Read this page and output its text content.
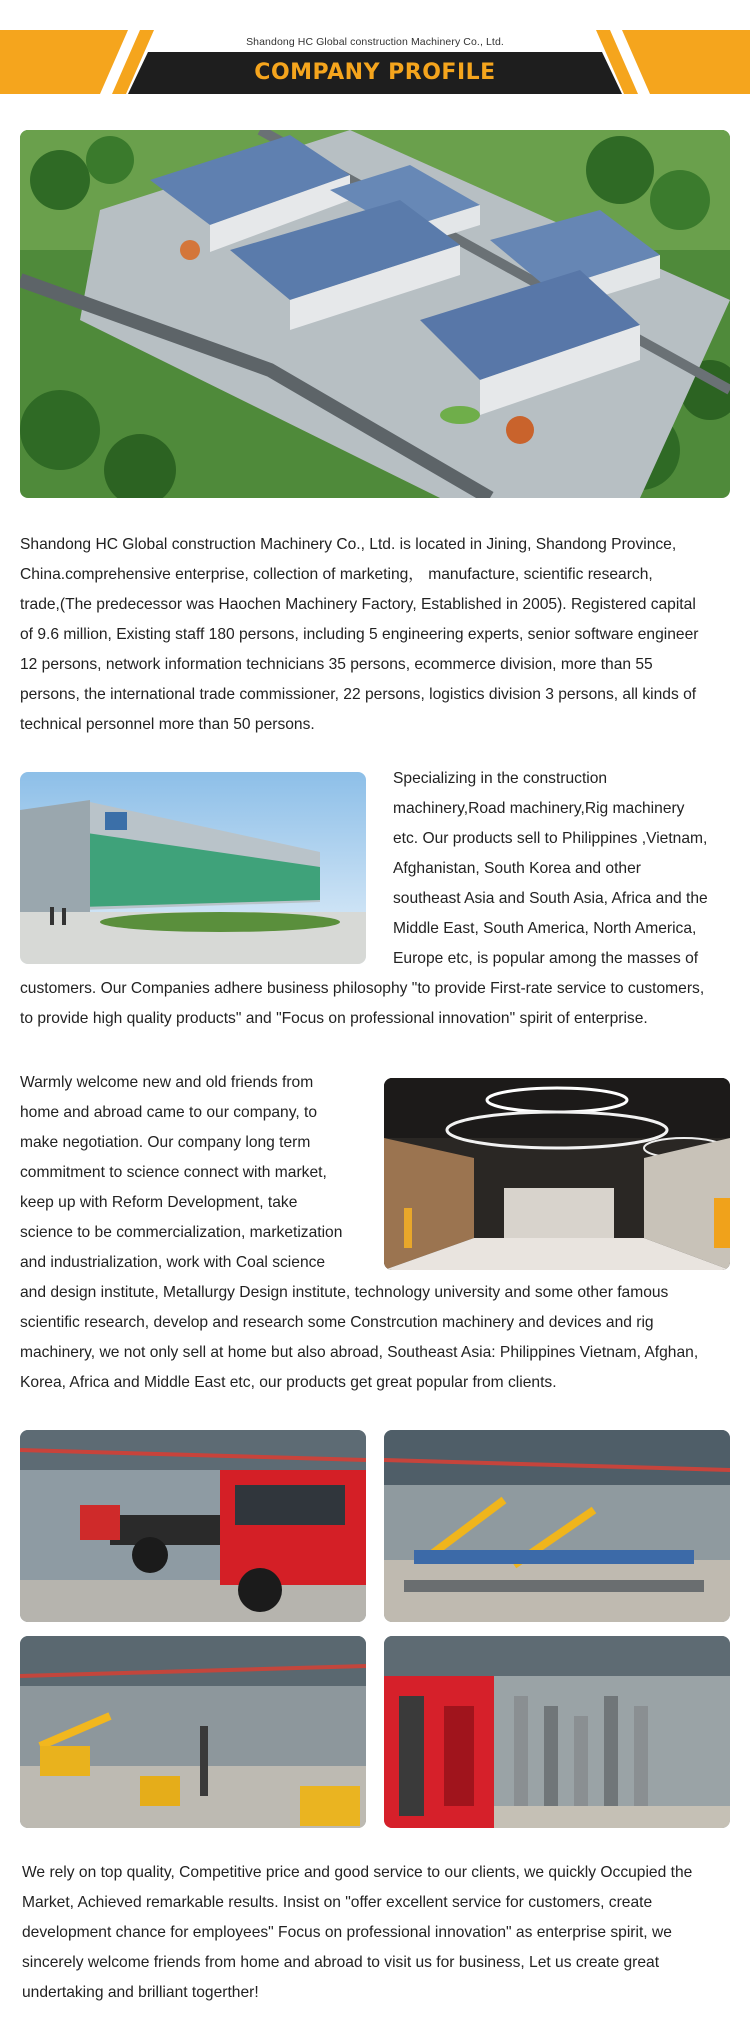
Shandong HC Global construction Machinery Co., Ltd.
COMPANY PROFILE
Shandong HC Global construction Machinery Co., Ltd. is located in Jining, Shandong Province,
China.comprehensive enterprise, collection of marketing， manufacture, scientific research,
trade,(The predecessor was Haochen Machinery Factory, Established in 2005). Registered capital
of 9.6 million, Existing staff 180 persons, including 5 engineering experts, senior software engineer
12 persons, network information technicians 35 persons, ecommerce division, more than 55
persons, the international trade commissioner, 22 persons, logistics division 3 persons, all kinds of
technical personnel more than 50 persons.
Specializing in the construction
machinery,Road machinery,Rig machinery
etc. Our products sell to Philippines ,Vietnam,
Afghanistan, South Korea and other
southeast Asia and South Asia, Africa and the
Middle East, South America, North America,
Europe etc, is popular among the masses of
customers. Our Companies adhere business philosophy "to provide First-rate service to customers,
to provide high quality products" and "Focus on professional innovation" spirit of enterprise.
Warmly welcome new and old friends from
home and abroad came to our company, to
make negotiation. Our company long term
commitment to science connect with market,
keep up with Reform Development, take
science to be commercialization, marketization
and industrialization, work with Coal science
and design institute, Metallurgy Design institute, technology university and some other famous
scientific research, develop and research some Constrcution machinery and devices and rig
machinery, we not only sell at home but also abroad, Southeast Asia: Philippines Vietnam, Afghan,
Korea, Africa and Middle East etc, our products get great popular from clients.
We rely on top quality, Competitive price and good service to our clients, we quickly Occupied the
Market, Achieved remarkable results. Insist on "offer excellent service for customers, create
development chance for employees" Focus on professional innovation" as enterprise spirit, we
sincerely welcome friends from home and abroad to visit us for business, Let us create great
undertaking and brilliant togerther!
